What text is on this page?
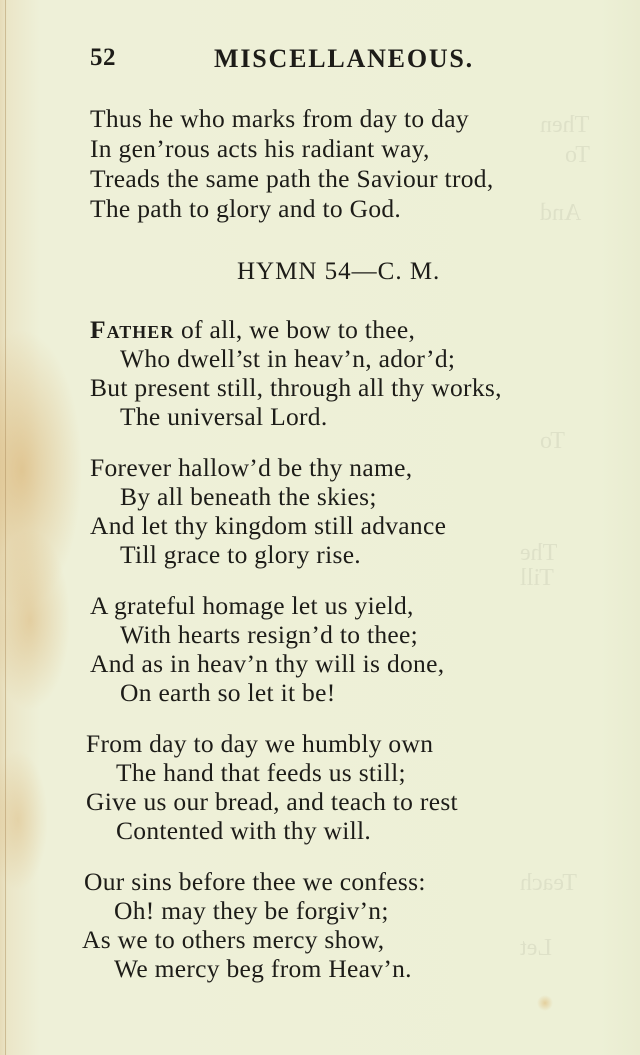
Then
To
And
To
The
Till
Teach
Let
52	MISCELLANEOUS.
Thus he who marks from day to day
In gen’rous acts his radiant way,
Treads the same path the Saviour trod,
The path to glory and to God.
HYMN 54—C. M.
Father of all, we bow to thee,
Who dwell’st in heav’n, ador’d;
But present still, through all thy works,
The universal Lord.
Forever hallow’d be thy name,
By all beneath the skies;
And let thy kingdom still advance
Till grace to glory rise.
A grateful homage let us yield,
With hearts resign’d to thee;
And as in heav’n thy will is done,
On earth so let it be!
From day to day we humbly own
The hand that feeds us still;
Give us our bread, and teach to rest
Contented with thy will.
Our sins before thee we confess:
Oh! may they be forgiv’n;
As we to others mercy show,
We mercy beg from Heav’n.
